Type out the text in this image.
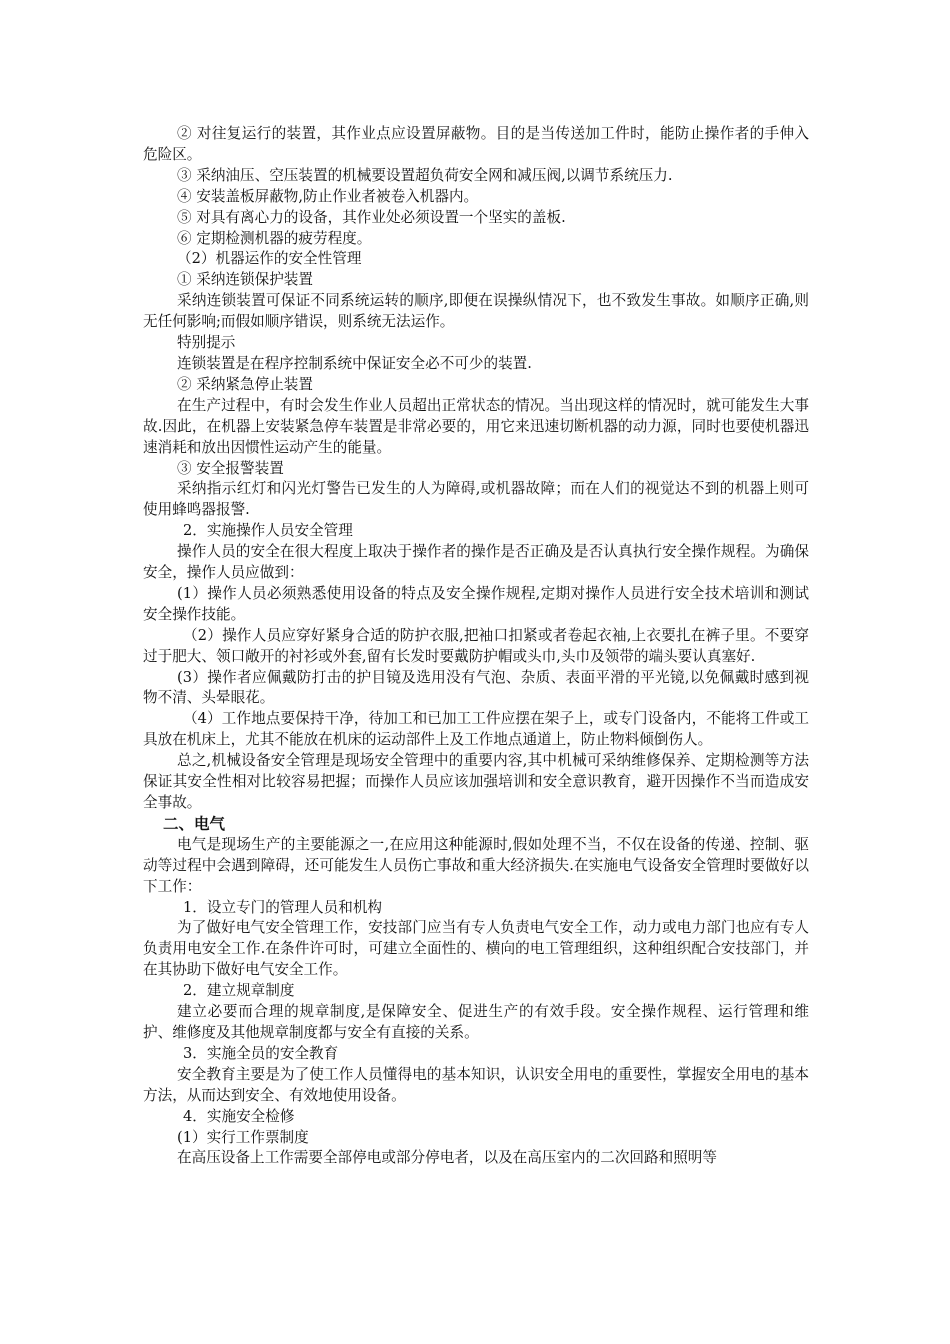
② 对往复运行的装置，其作业点应设置屏蔽物。目的是当传送加工件时，能防止操作者的手伸入危险区。

③ 采纳油压、空压装置的机械要设置超负荷安全网和减压阀,以调节系统压力.

④ 安装盖板屏蔽物,防止作业者被卷入机器内。

⑤ 对具有离心力的设备，其作业处必须设置一个坚实的盖板.

⑥ 定期检测机器的疲劳程度。

（2）机器运作的安全性管理

① 采纳连锁保护装置

采纳连锁装置可保证不同系统运转的顺序,即便在误操纵情况下，也不致发生事故。如顺序正确,则无任何影响;而假如顺序错误，则系统无法运作。

特别提示

连锁装置是在程序控制系统中保证安全必不可少的装置.

② 采纳紧急停止装置

在生产过程中，有时会发生作业人员超出正常状态的情况。当出现这样的情况时，就可能发生大事故.因此，在机器上安装紧急停车装置是非常必要的，用它来迅速切断机器的动力源，同时也要使机器迅速消耗和放出因惯性运动产生的能量。

③ 安全报警装置

采纳指示红灯和闪光灯警告已发生的人为障碍,或机器故障；而在人们的视觉达不到的机器上则可使用蜂鸣器报警.

2．实施操作人员安全管理

操作人员的安全在很大程度上取决于操作者的操作是否正确及是否认真执行安全操作规程。为确保安全，操作人员应做到：

(1）操作人员必须熟悉使用设备的特点及安全操作规程,定期对操作人员进行安全技术培训和测试安全操作技能。

（2）操作人员应穿好紧身合适的防护衣服,把袖口扣紧或者卷起衣袖,上衣要扎在裤子里。不要穿过于肥大、领口敞开的衬衫或外套,留有长发时要戴防护帽或头巾,头巾及领带的端头要认真塞好.

(3）操作者应佩戴防打击的护目镜及选用没有气泡、杂质、表面平滑的平光镜,以免佩戴时感到视物不清、头晕眼花。

（4）工作地点要保持干净，待加工和已加工工件应摆在架子上，或专门设备内，不能将工件或工具放在机床上，尤其不能放在机床的运动部件上及工作地点通道上，防止物料倾倒伤人。

总之,机械设备安全管理是现场安全管理中的重要内容,其中机械可采纳维修保养、定期检测等方法保证其安全性相对比较容易把握；而操作人员应该加强培训和安全意识教育，避开因操作不当而造成安全事故。

二、电气

电气是现场生产的主要能源之一,在应用这种能源时,假如处理不当，不仅在设备的传递、控制、驱动等过程中会遇到障碍，还可能发生人员伤亡事故和重大经济损失.在实施电气设备安全管理时要做好以下工作：

1．设立专门的管理人员和机构

为了做好电气安全管理工作，安技部门应当有专人负责电气安全工作，动力或电力部门也应有专人负责用电安全工作.在条件许可时，可建立全面性的、横向的电工管理组织，这种组织配合安技部门，并在其协助下做好电气安全工作。

2．建立规章制度

建立必要而合理的规章制度,是保障安全、促进生产的有效手段。安全操作规程、运行管理和维护、维修度及其他规章制度都与安全有直接的关系。

3．实施全员的安全教育

安全教育主要是为了使工作人员懂得电的基本知识，认识安全用电的重要性，掌握安全用电的基本方法，从而达到安全、有效地使用设备。

4．实施安全检修

(1）实行工作票制度

在高压设备上工作需要全部停电或部分停电者，以及在高压室内的二次回路和照明等
